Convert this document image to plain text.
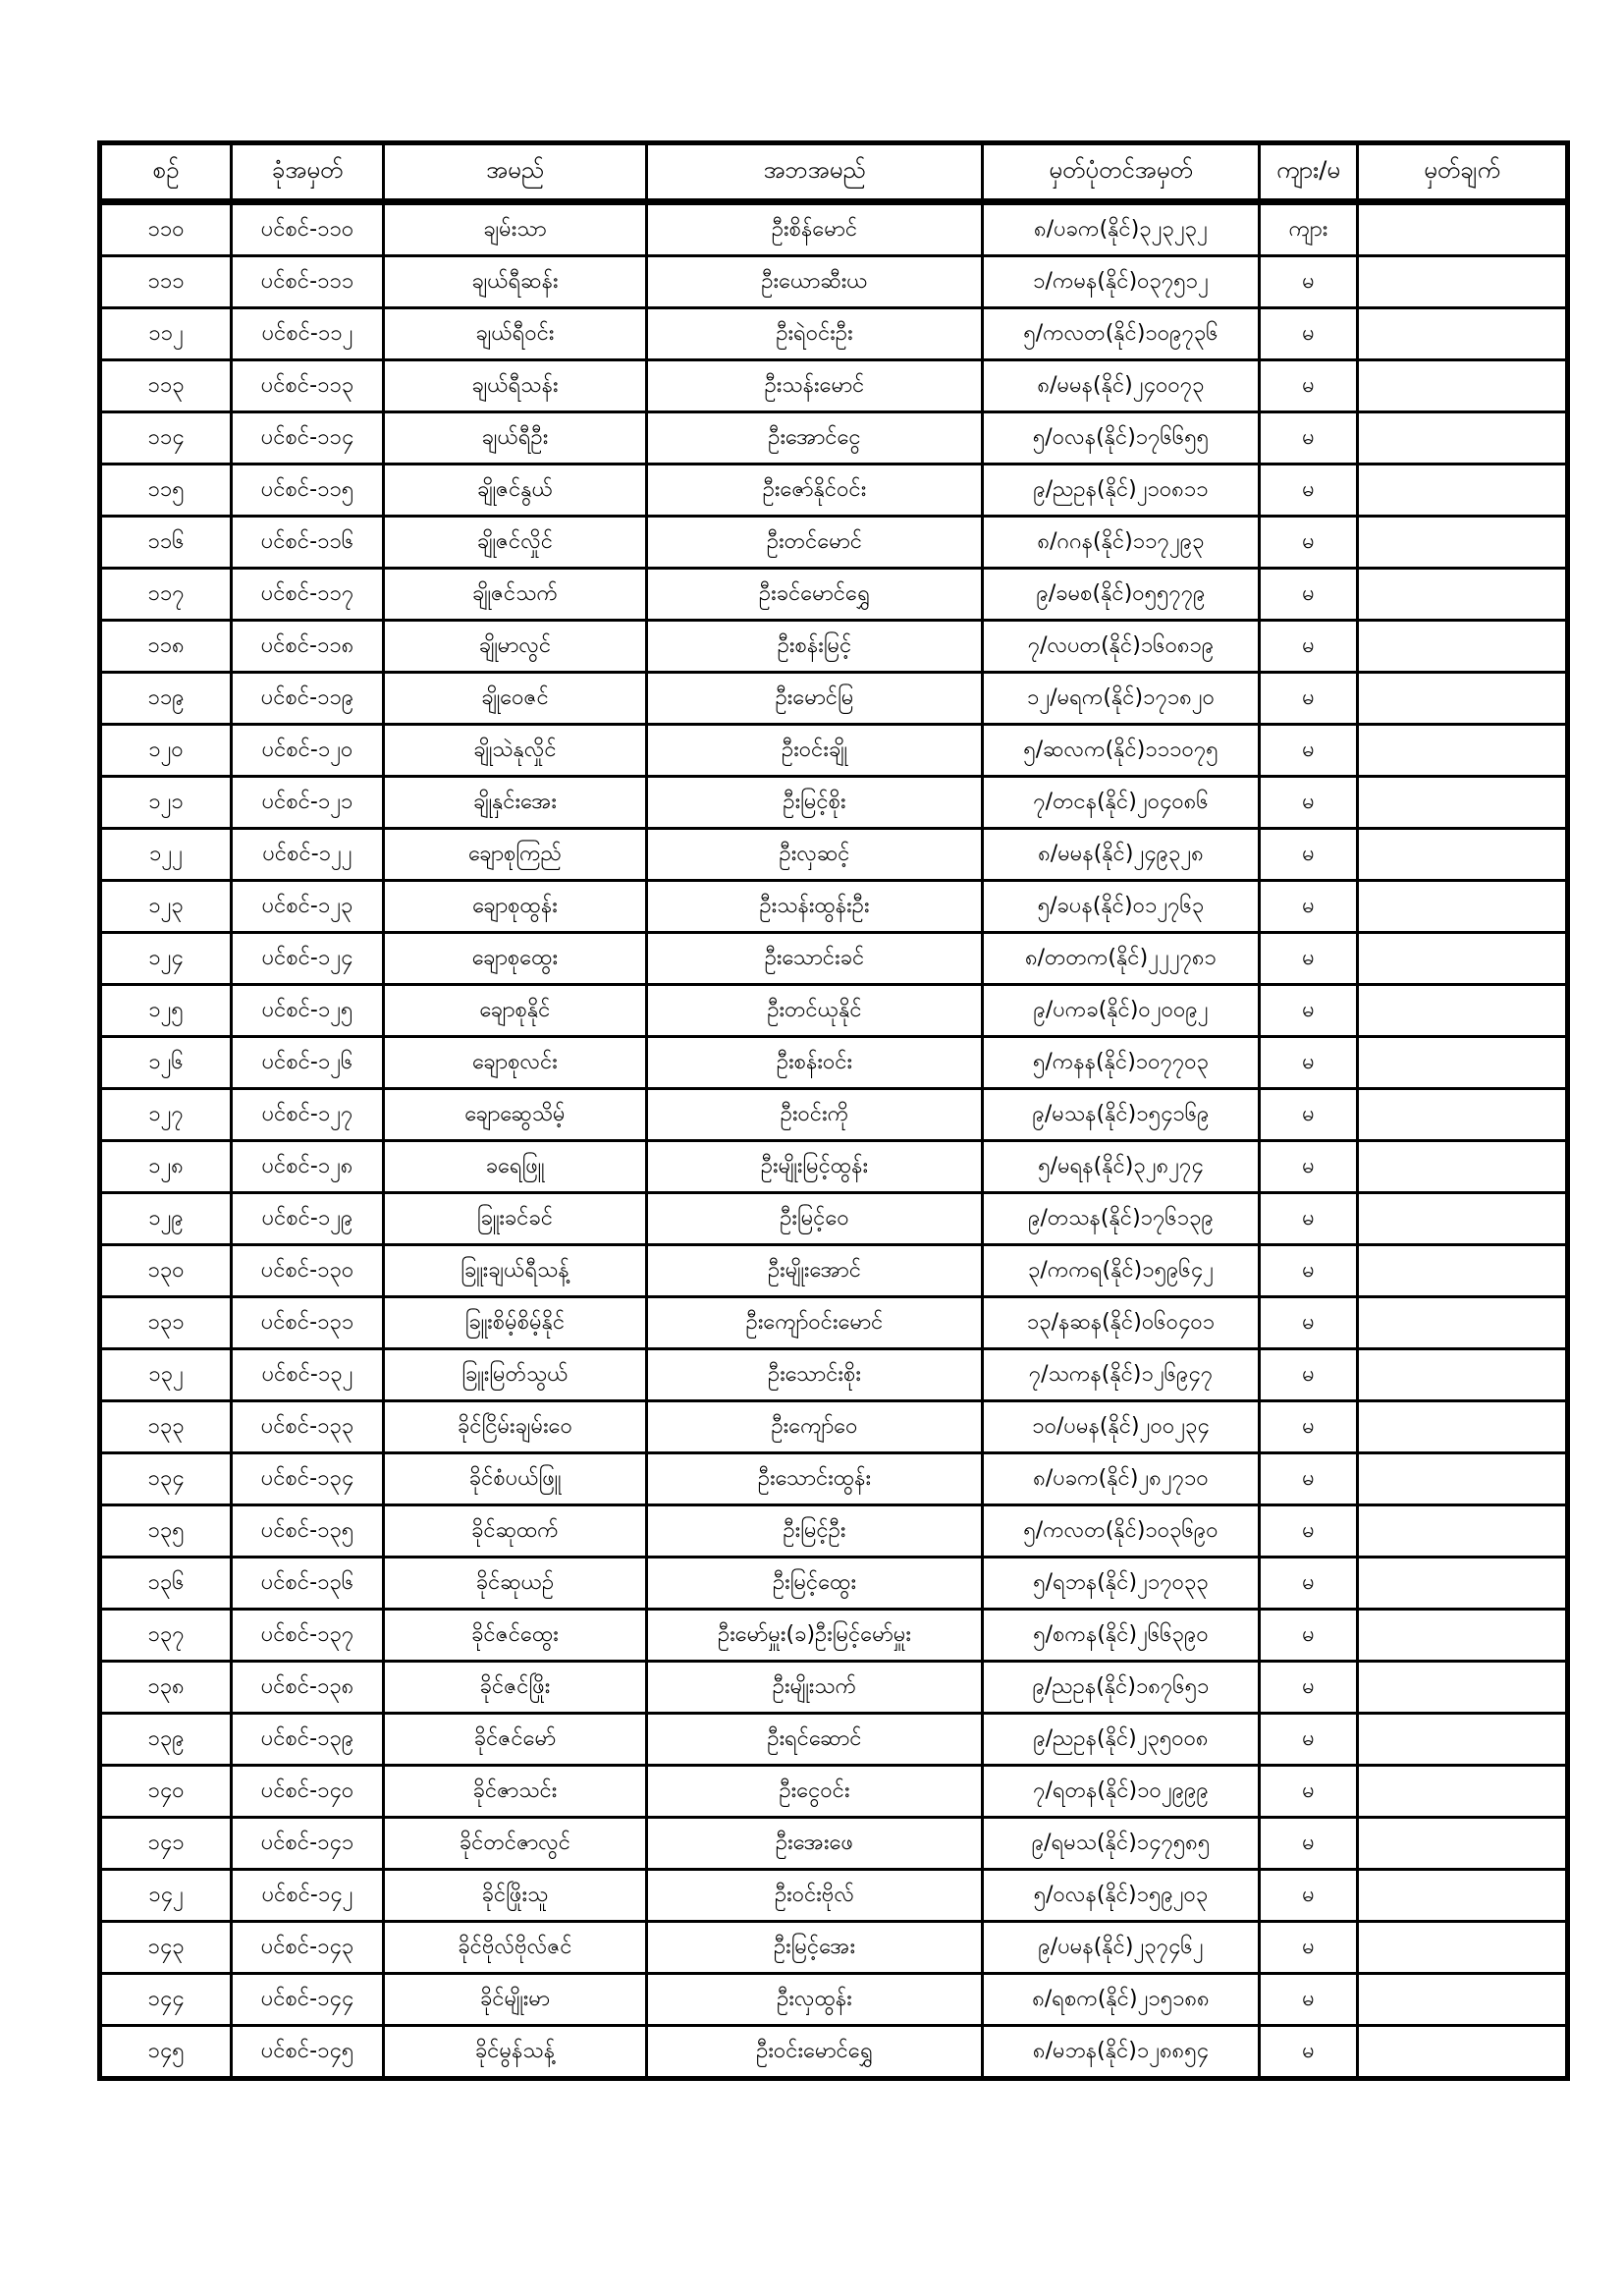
စဉ်	ခုံအမှတ်	အမည်	အဘအမည်	မှတ်ပုံတင်အမှတ်	ကျား/မ	မှတ်ချက်
၁၁၀	ပင်စင်-၁၁၀	ချမ်းသာ	ဦးစိန်မောင်	၈/ပခက(နိုင်)၃၂၃၂၃၂	ကျား	
၁၁၁	ပင်စင်-၁၁၁	ချယ်ရီဆန်း	ဦးယောဆီးယ	၁/ကမန(နိုင်)၀၃၇၅၁၂	မ	
၁၁၂	ပင်စင်-၁၁၂	ချယ်ရီဝင်း	ဦးရဲဝင်းဦး	၅/ကလတ(နိုင်)၁၀၉၇၃၆	မ	
၁၁၃	ပင်စင်-၁၁၃	ချယ်ရီသန်း	ဦးသန်းမောင်	၈/မမန(နိုင်)၂၄၀၀၇၃	မ	
၁၁၄	ပင်စင်-၁၁၄	ချယ်ရီဦး	ဦးအောင်ငွေ	၅/ဝလန(နိုင်)၁၇၆၆၅၅	မ	
၁၁၅	ပင်စင်-၁၁၅	ချိုဇင်နွယ်	ဦးဇော်နိုင်ဝင်း	၉/ညဥန(နိုင်)၂၁၀၈၁၁	မ	
၁၁၆	ပင်စင်-၁၁၆	ချိုဇင်လှိုင်	ဦးတင်မောင်	၈/ဂဂန(နိုင်)၁၁၇၂၉၃	မ	
၁၁၇	ပင်စင်-၁၁၇	ချိုဇင်သက်	ဦးခင်မောင်ရွှေ	၉/ခမစ(နိုင်)၀၅၅၇၇၉	မ	
၁၁၈	ပင်စင်-၁၁၈	ချိုမာလွင်	ဦးစန်းမြင့်	၇/လပတ(နိုင်)၁၆၀၈၁၉	မ	
၁၁၉	ပင်စင်-၁၁၉	ချိုဝေဇင်	ဦးမောင်မြ	၁၂/မရက(နိုင်)၁၇၁၈၂၀	မ	
၁၂၀	ပင်စင်-၁၂၀	ချိုသဲနုလှိုင်	ဦးဝင်းချို	၅/ဆလက(နိုင်)၁၁၁၀၇၅	မ	
၁၂၁	ပင်စင်-၁၂၁	ချိုနှင်းအေး	ဦးမြင့်စိုး	၇/တငန(နိုင်)၂၀၄၀၈၆	မ	
၁၂၂	ပင်စင်-၁၂၂	ချောစုကြည်	ဦးလှဆင့်	၈/မမန(နိုင်)၂၄၉၃၂၈	မ	
၁၂၃	ပင်စင်-၁၂၃	ချောစုထွန်း	ဦးသန်းထွန်းဦး	၅/ခပန(နိုင်)၀၁၂၇၆၃	မ	
၁၂၄	ပင်စင်-၁၂၄	ချောစုထွေး	ဦးသောင်းခင်	၈/တတက(နိုင်)၂၂၂၇၈၁	မ	
၁၂၅	ပင်စင်-၁၂၅	ချောစုနိုင်	ဦးတင်ယုနိုင်	၉/ပကခ(နိုင်)၀၂၀၀၉၂	မ	
၁၂၆	ပင်စင်-၁၂၆	ချောစုလင်း	ဦးစန်းဝင်း	၅/ကနန(နိုင်)၁၀၇၇၀၃	မ	
၁၂၇	ပင်စင်-၁၂၇	ချောဆွေသိမ့်	ဦးဝင်းကို	၉/မသန(နိုင်)၁၅၄၁၆၉	မ	
၁၂၈	ပင်စင်-၁၂၈	ခရေဖြူ	ဦးမျိုးမြင့်ထွန်း	၅/မရန(နိုင်)၃၂၈၂၇၄	မ	
၁၂၉	ပင်စင်-၁၂၉	ခြူးခင်ခင်	ဦးမြင့်ဝေ	၉/တသန(နိုင်)၁၇၆၁၃၉	မ	
၁၃၀	ပင်စင်-၁၃၀	ခြူးချယ်ရီသန့်	ဦးမျိုးအောင်	၃/ကကရ(နိုင်)၁၅၉၆၄၂	မ	
၁၃၁	ပင်စင်-၁၃၁	ခြူးစိမ့်စိမ့်နိုင်	ဦးကျော်ဝင်းမောင်	၁၃/နဆန(နိုင်)၀၆၀၄၀၁	မ	
၁၃၂	ပင်စင်-၁၃၂	ခြူးမြတ်သွယ်	ဦးသောင်းစိုး	၇/သကန(နိုင်)၁၂၆၉၄၇	မ	
၁၃၃	ပင်စင်-၁၃၃	ခိုင်ငြိမ်းချမ်းဝေ	ဦးကျော်ဝေ	၁၀/ပမန(နိုင်)၂၀၀၂၃၄	မ	
၁၃၄	ပင်စင်-၁၃၄	ခိုင်စံပယ်ဖြူ	ဦးသောင်းထွန်း	၈/ပခက(နိုင်)၂၈၂၇၁၀	မ	
၁၃၅	ပင်စင်-၁၃၅	ခိုင်ဆုထက်	ဦးမြင့်ဦး	၅/ကလတ(နိုင်)၁၀၃၆၉၀	မ	
၁၃၆	ပင်စင်-၁၃၆	ခိုင်ဆုယဉ်	ဦးမြင့်ထွေး	၅/ရဘန(နိုင်)၂၁၇၀၃၃	မ	
၁၃၇	ပင်စင်-၁၃၇	ခိုင်ဇင်ထွေး	ဦးမော်မှူး(ခ)ဦးမြင့်မော်မှူး	၅/စကန(နိုင်)၂၆၆၃၉၀	မ	
၁၃၈	ပင်စင်-၁၃၈	ခိုင်ဇင်ဖြိုး	ဦးမျိုးသက်	၉/ညဥန(နိုင်)၁၈၇၆၅၁	မ	
၁၃၉	ပင်စင်-၁၃၉	ခိုင်ဇင်မော်	ဦးရင်ဆောင်	၉/ညဥန(နိုင်)၂၃၅၀၀၈	မ	
၁၄၀	ပင်စင်-၁၄၀	ခိုင်ဇာသင်း	ဦးငွေဝင်း	၇/ရတန(နိုင်)၁၀၂၉၉၉	မ	
၁၄၁	ပင်စင်-၁၄၁	ခိုင်တင်ဇာလွင်	ဦးအေးဖေ	၉/ရမသ(နိုင်)၁၄၇၅၈၅	မ	
၁၄၂	ပင်စင်-၁၄၂	ခိုင်ဖြိုးသူ	ဦးဝင်းဗိုလ်	၅/ဝလန(နိုင်)၁၅၉၂၀၃	မ	
၁၄၃	ပင်စင်-၁၄၃	ခိုင်ဗိုလ်ဗိုလ်ဇင်	ဦးမြင့်အေး	၉/ပမန(နိုင်)၂၃၇၄၆၂	မ	
၁၄၄	ပင်စင်-၁၄၄	ခိုင်မျိုးမာ	ဦးလှထွန်း	၈/ရစက(နိုင်)၂၁၅၁၈၈	မ	
၁၄၅	ပင်စင်-၁၄၅	ခိုင်မွန်သန့်	ဦးဝင်းမောင်ရွှေ	၈/မဘန(နိုင်)၁၂၈၈၅၄	မ	
